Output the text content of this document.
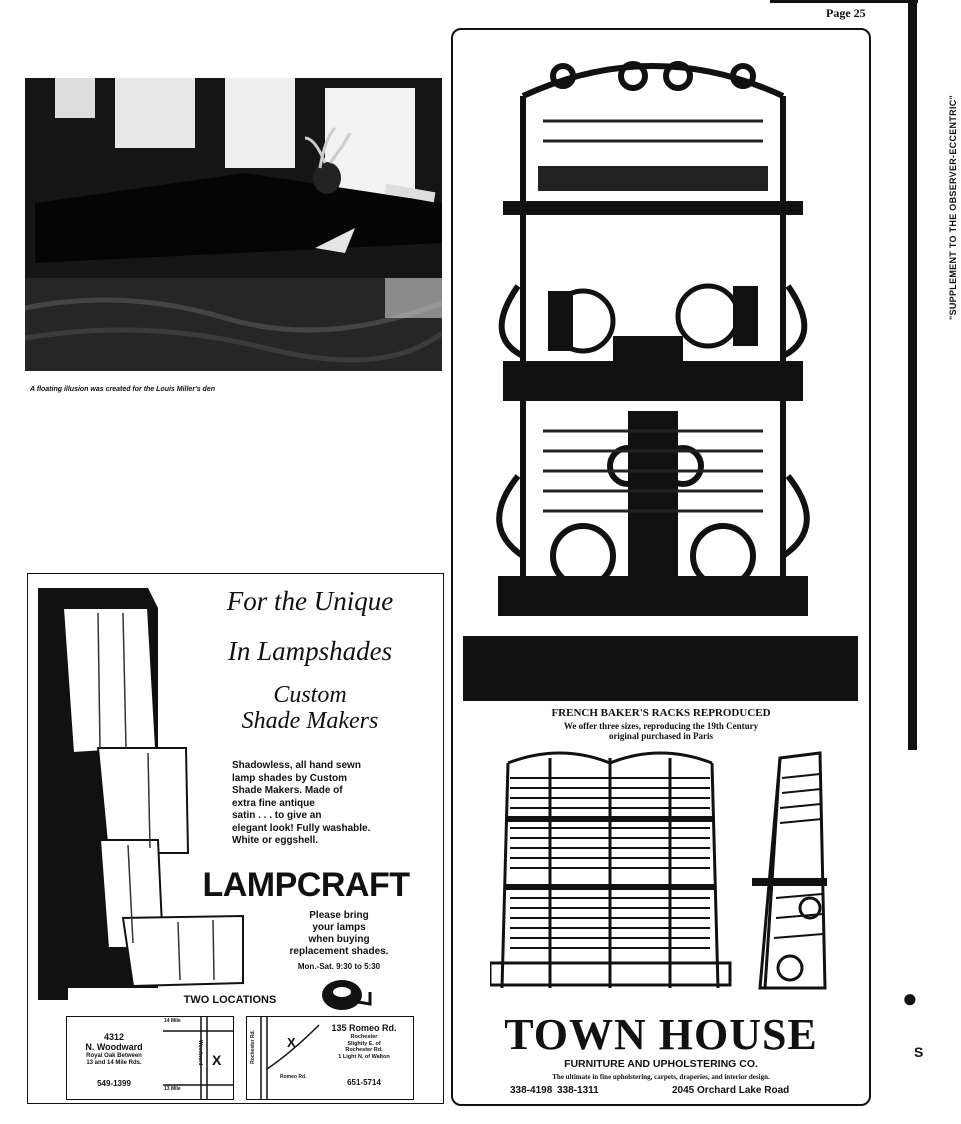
Page 25
"SUPPLEMENT TO THE OBSERVER-ECCENTRIC"
S
●
A floating illusion was created for the Louis Miller's den
FRENCH BAKER'S RACKS REPRODUCED
We offer three sizes, reproducing the 19th Century
original purchased in Paris
TOWN HOUSE
FURNITURE AND UPHOLSTERING CO.
The ultimate in fine upholstering, carpets, draperies, and interior design.
338-4198 338-1311	2045 Orchard Lake Road
For the Unique
In Lampshades
Custom
Shade Makers
Shadowless, all hand sewn
lamp shades by Custom
Shade Makers. Made of
extra fine antique
satin . . . to give an
elegant look! Fully washable.
White or eggshell.
LAMPCRAFT
Please bring
your lamps
when buying
replacement shades.
Mon.-Sat. 9:30 to 5:30
TWO LOCATIONS
X
14 Mile
13 Mile
Woodward
4312
N. Woodward
Royal Oak Between
13 and 14 Mile Rds.
549-1399
X
Rochester Rd.
Romeo Rd.
135 Romeo Rd.
Rochester
Slightly E. of
Rochester Rd.
1 Light N. of Walton
651-5714
